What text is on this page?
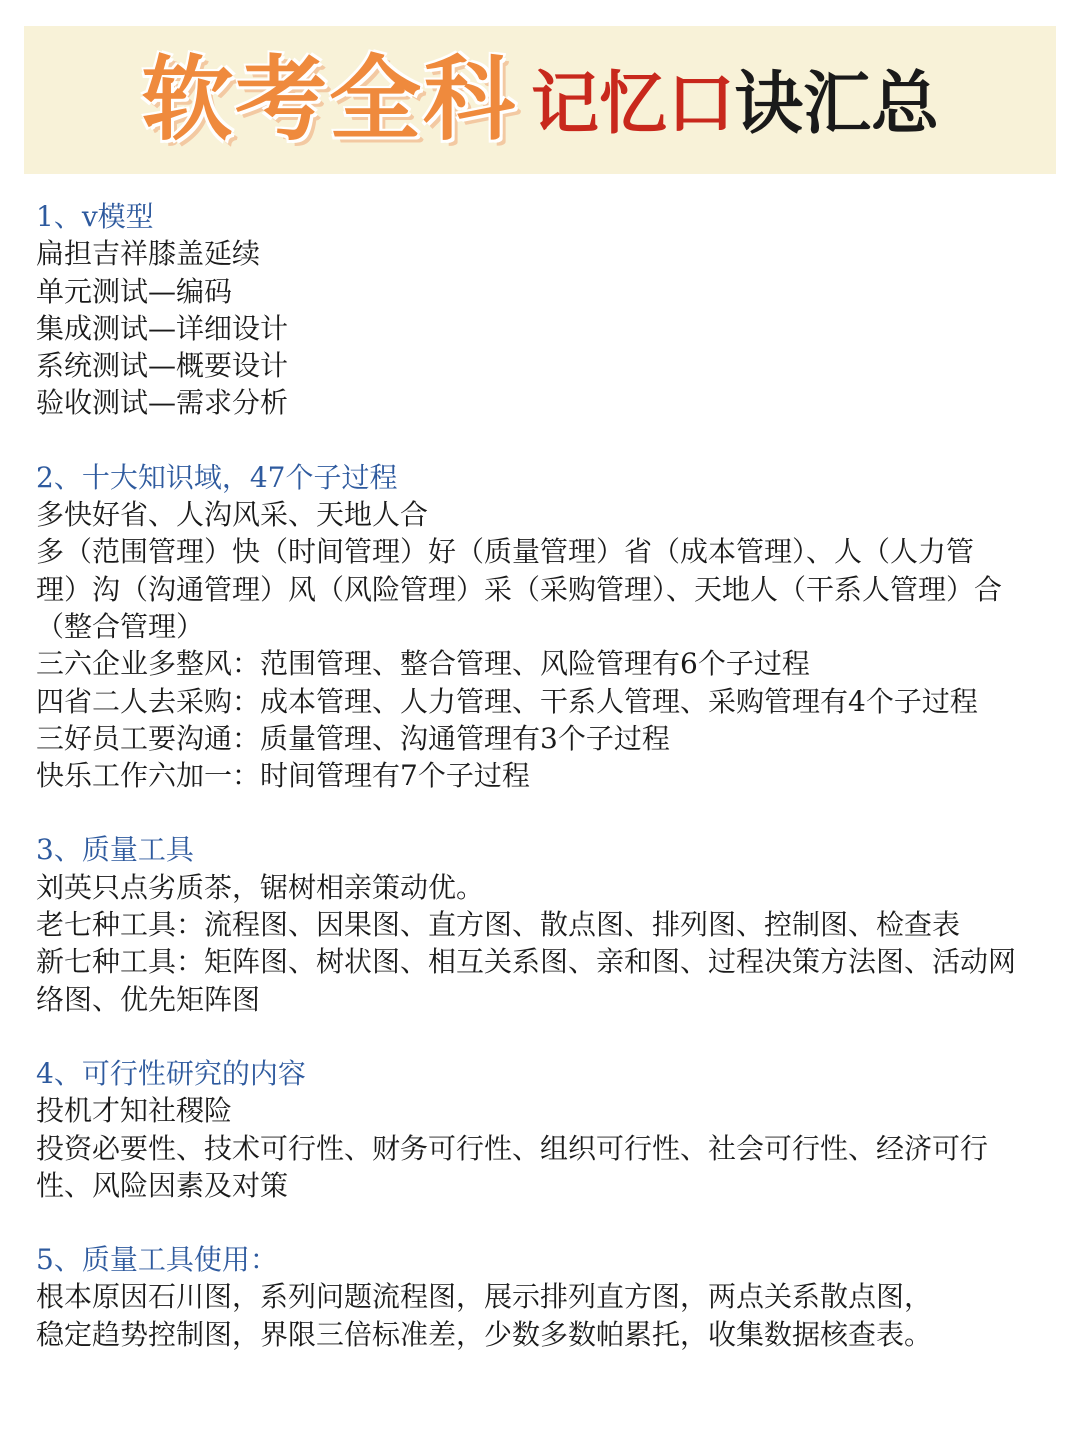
软考全科 记忆口诀汇总

1、v模型

扁担吉祥膝盖延续

单元测试—编码

集成测试—详细设计

系统测试—概要设计

验收测试—需求分析

2、十大知识域，47个子过程

多快好省、人沟风采、天地人合

多（范围管理）快（时间管理）好（质量管理）省（成本管理）、人（人力管

理）沟（沟通管理）风（风险管理）采（采购管理）、天地人（干系人管理）合

（整合管理）

三六企业多整风：范围管理、整合管理、风险管理有6个子过程

四省二人去采购：成本管理、人力管理、干系人管理、采购管理有4个子过程

三好员工要沟通：质量管理、沟通管理有3个子过程

快乐工作六加一：时间管理有7个子过程

3、质量工具

刘英只点劣质茶，锯树相亲策动优。

老七种工具：流程图、因果图、直方图、散点图、排列图、控制图、检查表

新七种工具：矩阵图、树状图、相互关系图、亲和图、过程决策方法图、活动网

络图、优先矩阵图

4、可行性研究的内容

投机才知社稷险

投资必要性、技术可行性、财务可行性、组织可行性、社会可行性、经济可行

性、风险因素及对策

5、质量工具使用：

根本原因石川图，系列问题流程图，展示排列直方图，两点关系散点图，

稳定趋势控制图，界限三倍标准差，少数多数帕累托，收集数据核查表。
